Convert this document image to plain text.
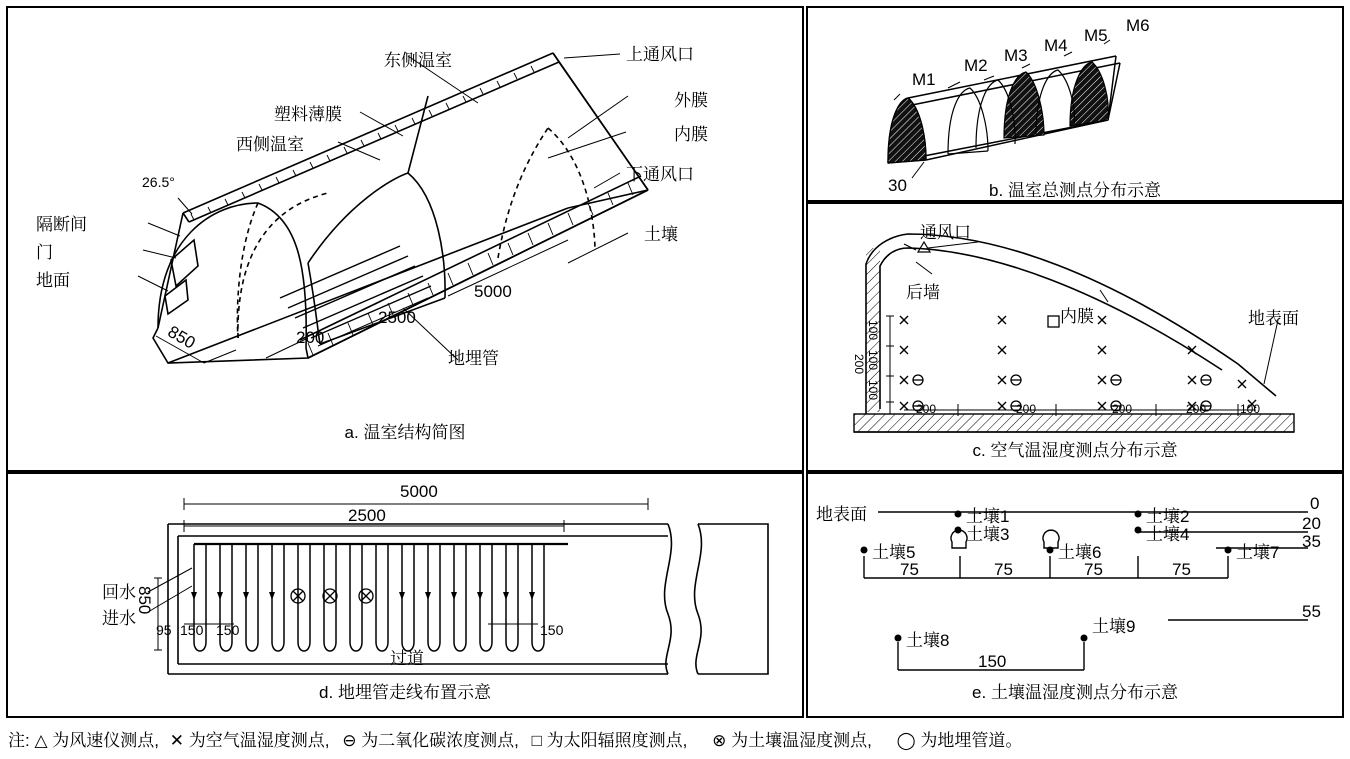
东侧温室
塑料薄膜
西侧温室
上通风口
外膜
内膜
下通风口
土壤
26.5°
隔断间
门
地面
地埋管
850	200
2500
5000
a. 温室结构简图
M1
M2
M3
M4
M5
M6
30	b. 温室总测点分布示意
通风口
后墙
内膜	地表面
100
100
100
200
200	200	200	200	100
c. 空气温湿度测点分布示意
5000
2500
回水
进水
850
95 150 150	150
过道
d. 地埋管走线布置示意
地表面	土壤1	土壤2
土壤3	土壤4
土壤5	土壤6	土壤7
土壤8
土壤9
0
20
35
55
75	75	75	75
150
e. 土壤温湿度测点分布示意
注: △ 为风速仪测点, ✕ 为空气温湿度测点, ⊖ 为二氧化碳浓度测点, □ 为太阳辐照度测点, ⊗ 为土壤温湿度测点, ◯ 为地埋管道。
